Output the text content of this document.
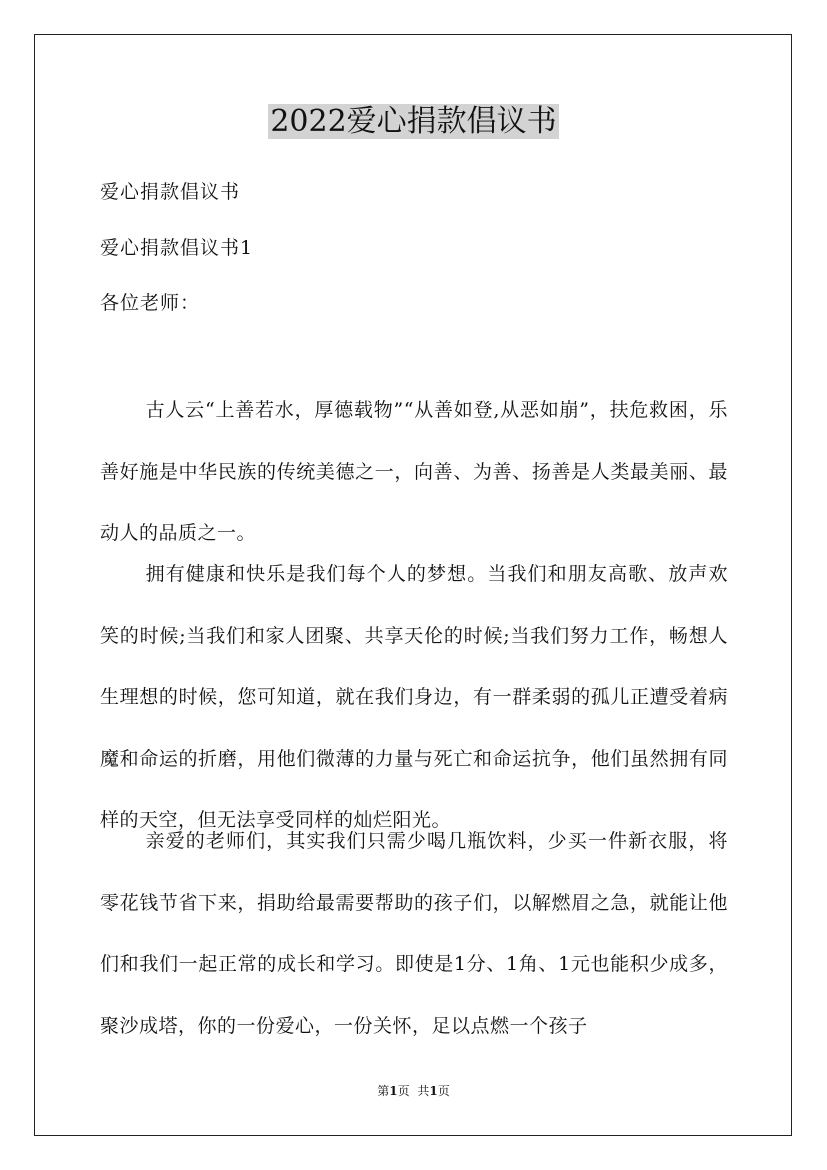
2022爱心捐款倡议书

爱心捐款倡议书

爱心捐款倡议书1

各位老师：

古人云“上善若水，厚德载物”“从善如登,从恶如崩”，扶危救困，乐善好施是中华民族的传统美德之一，向善、为善、扬善是人类最美丽、最动人的品质之一。

拥有健康和快乐是我们每个人的梦想。当我们和朋友高歌、放声欢笑的时候;当我们和家人团聚、共享天伦的时候;当我们努力工作，畅想人生理想的时候，您可知道，就在我们身边，有一群柔弱的孤儿正遭受着病魔和命运的折磨，用他们微薄的力量与死亡和命运抗争，他们虽然拥有同样的天空，但无法享受同样的灿烂阳光。

亲爱的老师们，其实我们只需少喝几瓶饮料，少买一件新衣服，将零花钱节省下来，捐助给最需要帮助的孩子们，以解燃眉之急，就能让他们和我们一起正常的成长和学习。即使是1分、1角、1元也能积少成多，聚沙成塔，你的一份爱心，一份关怀，足以点燃一个孩子

第1页 共1页
